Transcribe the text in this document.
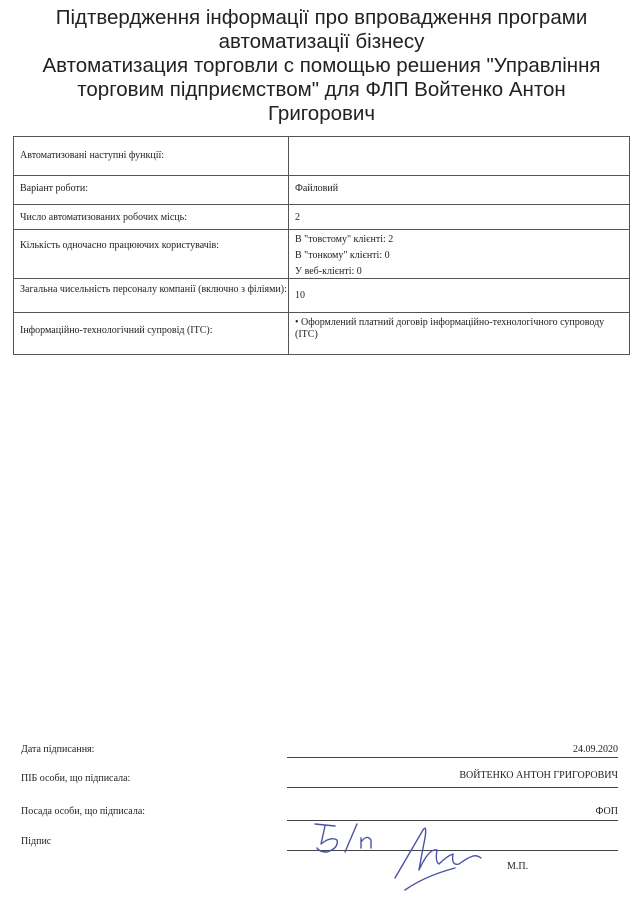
Підтвердження інформації про впровадження програми
автоматизації бізнесу
Автоматизация торговли с помощью решения "Управління
торговим підприємством" для ФЛП Войтенко Антон
Григорович
Автоматизовані наступні функції:	

Варіант роботи:	Файловий

Число автоматизованих робочих місць:	2

Кількість одночасно працюючих користувачів:	В "товстому" клієнті: 2
В "тонкому" клієнті: 0
У веб-клієнті: 0

Загальна чисельність персоналу компанії (включно з філіями):	10

Інформаційно-технологічний супровід (ІТС):	• Оформлений платний договір інформаційно-технологічного супроводу (ІТС)
Дата підписання:	24.09.2020
ПІБ особи, що підписала:	ВОЙТЕНКО АНТОН ГРИГОРОВИЧ
Посада особи, що підписала:	ФОП
Підпис
М.П.
